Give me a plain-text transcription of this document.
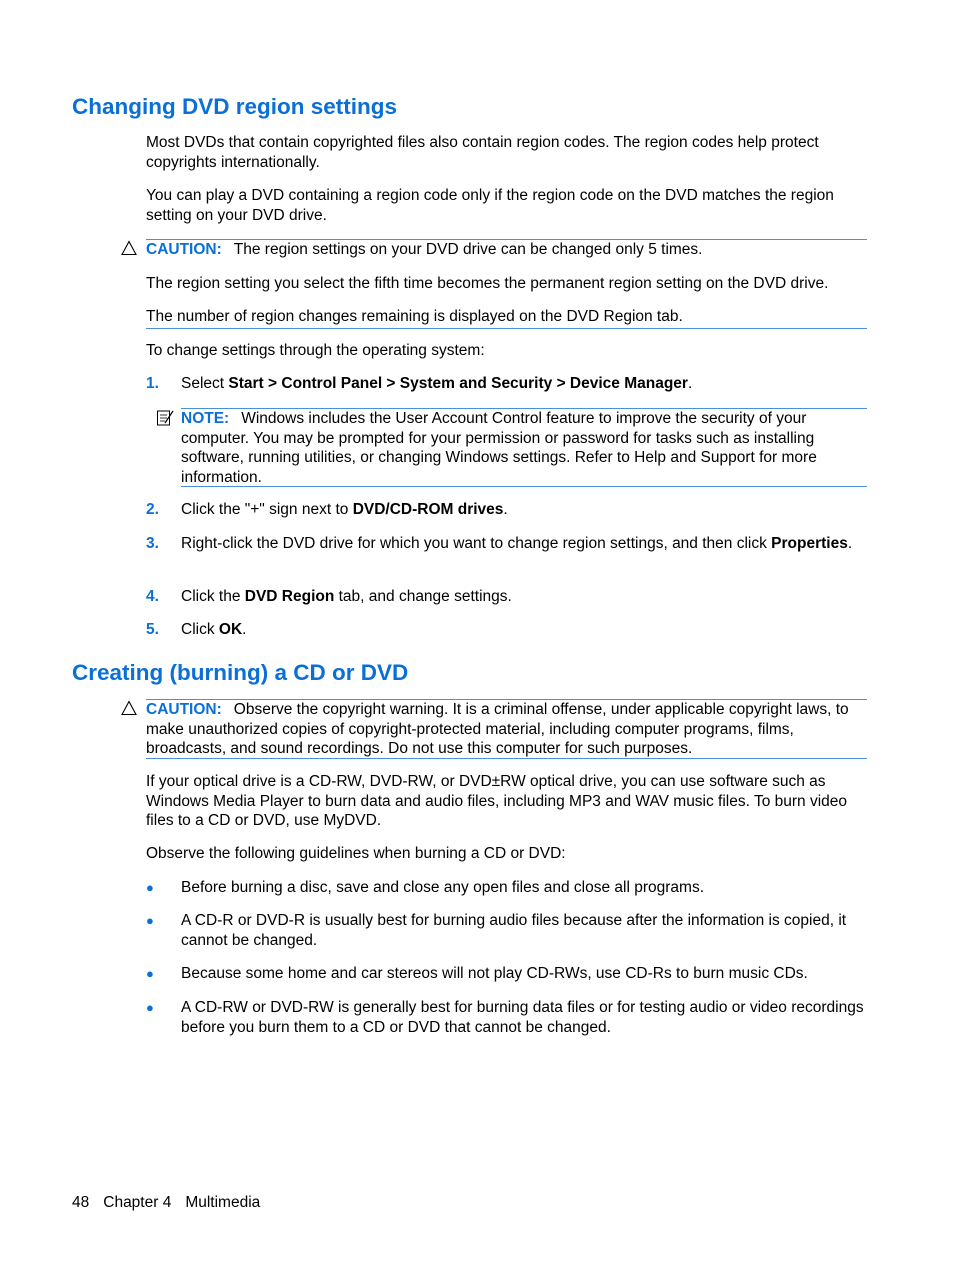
Changing DVD region settings

Most DVDs that contain copyrighted files also contain region codes. The region codes help protect copyrights internationally.

You can play a DVD containing a region code only if the region code on the DVD matches the region setting on your DVD drive.

CAUTION: The region settings on your DVD drive can be changed only 5 times.
The region setting you select the fifth time becomes the permanent region setting on the DVD drive.
The number of region changes remaining is displayed on the DVD Region tab.

To change settings through the operating system:

1. Select Start > Control Panel > System and Security > Device Manager.

NOTE: Windows includes the User Account Control feature to improve the security of your computer. You may be prompted for your permission or password for tasks such as installing software, running utilities, or changing Windows settings. Refer to Help and Support for more information.
2. Click the "+" sign next to DVD/CD-ROM drives.

3. Right-click the DVD drive for which you want to change region settings, and then click Properties.

4. Click the DVD Region tab, and change settings.

5. Click OK.

Creating (burning) a CD or DVD
CAUTION: Observe the copyright warning. It is a criminal offense, under applicable copyright laws, to make unauthorized copies of copyright-protected material, including computer programs, films, broadcasts, and sound recordings. Do not use this computer for such purposes.

If your optical drive is a CD-RW, DVD-RW, or DVD±RW optical drive, you can use software such as Windows Media Player to burn data and audio files, including MP3 and WAV music files. To burn video files to a CD or DVD, use MyDVD.

Observe the following guidelines when burning a CD or DVD:

● Before burning a disc, save and close any open files and close all programs.

● A CD-R or DVD-R is usually best for burning audio files because after the information is copied, it cannot be changed.

● Because some home and car stereos will not play CD-RWs, use CD-Rs to burn music CDs.

● A CD-RW or DVD-RW is generally best for burning data files or for testing audio or video recordings before you burn them to a CD or DVD that cannot be changed.

48 Chapter 4 Multimedia
